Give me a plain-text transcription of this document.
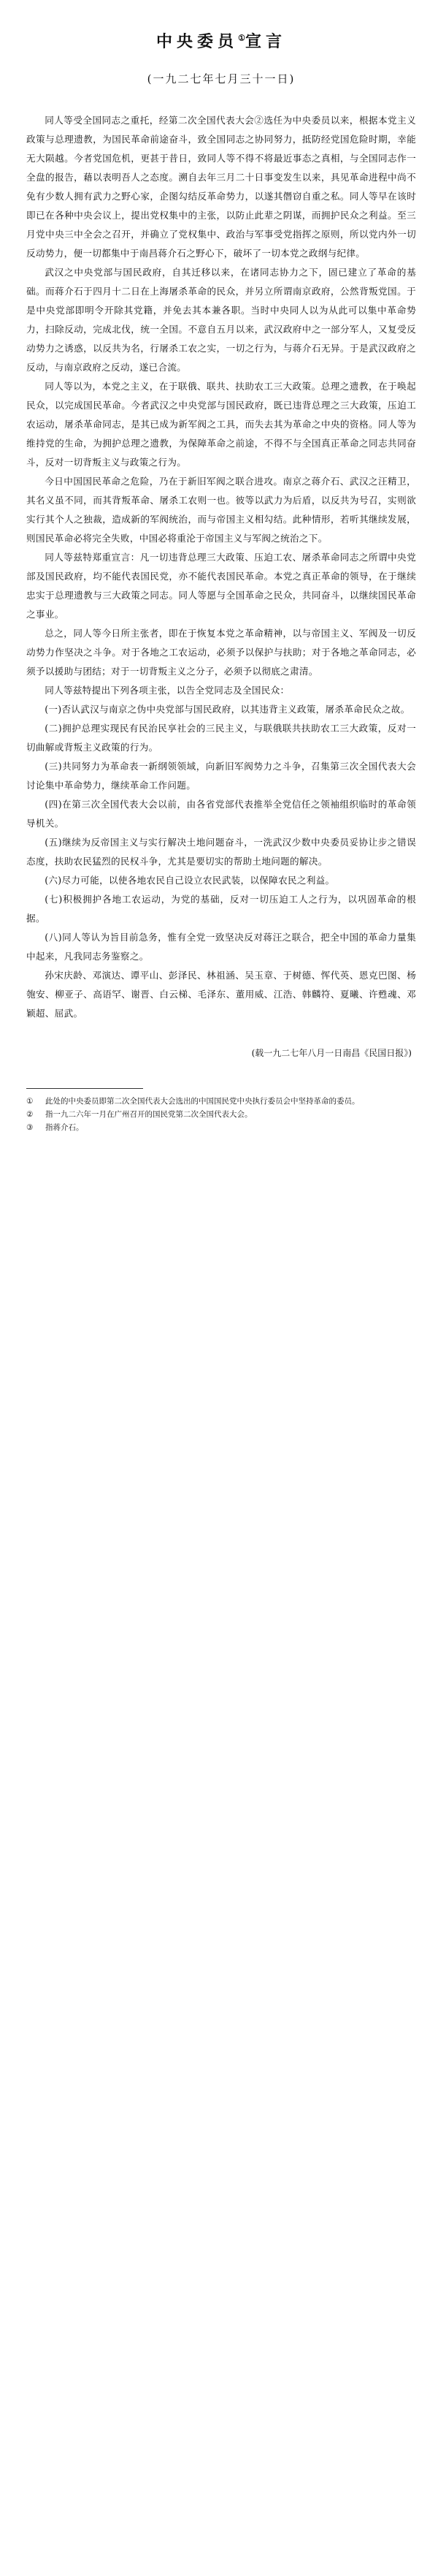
中央委员①宣言
(一九二七年七月三十一日)

同人等受全国同志之重托，经第二次全国代表大会②选任为中央委员以来，根据本党主义政策与总理遗教，为国民革命前途奋斗，致全国同志之协同努力，抵防经党国危险时期，幸能无大陨越。今者党国危机，更甚于昔日，致同人等不得不将最近事态之真相，与全国同志作一全盘的报告，藉以表明吾人之态度。溯自去年三月二十日事变发生以来，具见革命进程中尚不免有少数人拥有武力之野心家，企图勾结反革命势力，以遂其僭窃自重之私。同人等早在该时即已在各种中央会议上，提出党权集中的主张，以防止此辈之阴谋，而拥护民众之利益。至三月党中央三中全会之召开，并确立了党权集中、政治与军事受党指挥之原则，所以党内外一切反动势力，便一切都集中于南昌蒋介石之野心下，破坏了一切本党之政纲与纪律。

武汉之中央党部与国民政府，自其迁移以来，在诸同志协力之下，固已建立了革命的基础。而蒋介石于四月十二日在上海屠杀革命的民众，并另立所谓南京政府，公然背叛党国。于是中央党部即明令开除其党籍，并免去其本兼各职。当时中央同人以为从此可以集中革命势力，扫除反动，完成北伐，统一全国。不意自五月以来，武汉政府中之一部分军人，又复受反动势力之诱惑，以反共为名，行屠杀工农之实，一切之行为，与蒋介石无异。于是武汉政府之反动，与南京政府之反动，遂已合流。

同人等以为，本党之主义，在于联俄、联共、扶助农工三大政策。总理之遗教，在于唤起民众，以完成国民革命。今者武汉之中央党部与国民政府，既已违背总理之三大政策，压迫工农运动，屠杀革命同志，是其已成为新军阀之工具，而失去其为革命之中央的资格。同人等为维持党的生命，为拥护总理之遗教，为保障革命之前途，不得不与全国真正革命之同志共同奋斗，反对一切背叛主义与政策之行为。

今日中国国民革命之危险，乃在于新旧军阀之联合进攻。南京之蒋介石、武汉之汪精卫，其名义虽不同，而其背叛革命、屠杀工农则一也。彼等以武力为后盾，以反共为号召，实则欲实行其个人之独裁，造成新的军阀统治，而与帝国主义相勾结。此种情形，若听其继续发展，则国民革命必将完全失败，中国必将重沦于帝国主义与军阀之统治之下。

同人等兹特郑重宣言：凡一切违背总理三大政策、压迫工农、屠杀革命同志之所谓中央党部及国民政府，均不能代表国民党，亦不能代表国民革命。本党之真正革命的领导，在于继续忠实于总理遗教与三大政策之同志。同人等愿与全国革命之民众，共同奋斗，以继续国民革命之事业。

总之，同人等今日所主张者，即在于恢复本党之革命精神，以与帝国主义、军阀及一切反动势力作坚决之斗争。对于各地之工农运动，必须予以保护与扶助；对于各地之革命同志，必须予以援助与团结；对于一切背叛主义之分子，必须予以彻底之肃清。

同人等兹特提出下列各项主张，以告全党同志及全国民众：

(一)否认武汉与南京之伪中央党部与国民政府，以其违背主义政策，屠杀革命民众之故。

(二)拥护总理实现民有民治民享社会的三民主义，与联俄联共扶助农工三大政策，反对一切曲解或背叛主义政策的行为。

(三)共同努力为革命表一新纲领领域，向新旧军阀势力之斗争，召集第三次全国代表大会讨论集中革命势力，继续革命工作问题。

(四)在第三次全国代表大会以前，由各省党部代表推举全党信任之领袖组织临时的革命领导机关。

(五)继续为反帝国主义与实行解决土地问题奋斗，一洗武汉少数中央委员妥协让步之错误态度，扶助农民猛烈的民权斗争，尤其是要切实的帮助土地问题的解决。

(六)尽力可能，以使各地农民自己设立农民武装，以保障农民之利益。

(七)积极拥护各地工农运动，为党的基础，反对一切压迫工人之行为，以巩固革命的根据。

(八)同人等认为旨目前急务，惟有全党一致坚决反对蒋汪之联合，把全中国的革命力量集中起来，凡我同志务鉴察之。

孙宋庆龄、邓演达、谭平山、彭泽民、林祖涵、吴玉章、于树德、恽代英、恩克巴图、杨匏安、柳亚子、高语罕、谢晋、白云梯、毛泽东、董用威、江浩、韩麟符、夏曦、许甦魂、邓颖超、屈武。
(载一九二七年八月一日南昌《民国日报》)
①	此处的中央委员即第二次全国代表大会选出的中国国民党中央执行委员会中坚持革命的委员。
②	指一九二六年一月在广州召开的国民党第二次全国代表大会。
③	指蒋介石。
